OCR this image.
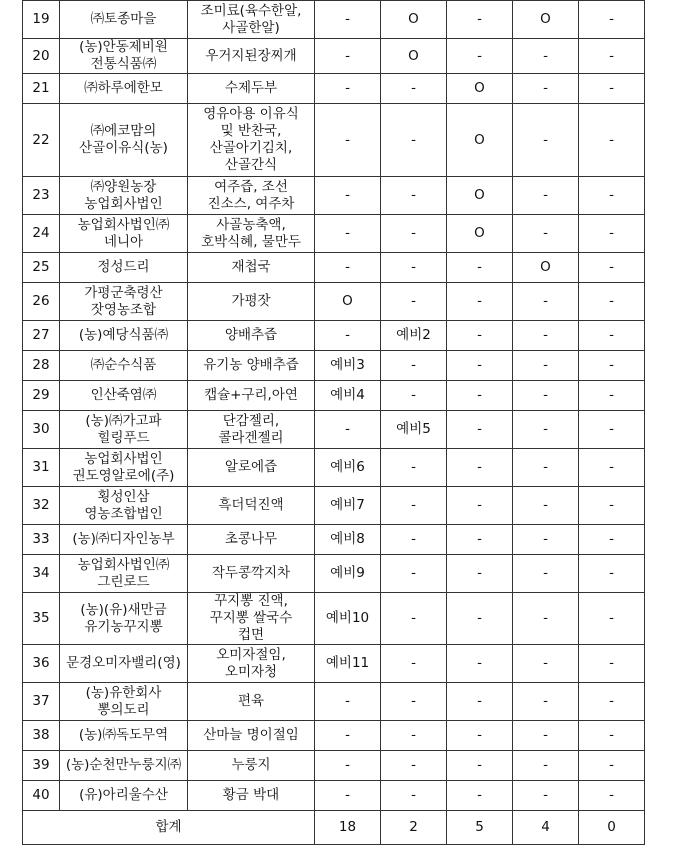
19	㈜토종마을	조미료(육수한알,
사골한알)	-	O	-	O	-
20	(농)안동제비원
전통식품㈜	우거지된장찌개	-	O	-	-	-
21	㈜하루에한모	수제두부	-	-	O	-	-
22	㈜에코맘의
산골이유식(농)	영유아용 이유식
및 반찬국,
산골아기김치,
산골간식	-	-	O	-	-
23	㈜양원농장
농업회사법인	여주즙, 조선
진소스, 여주차	-	-	O	-	-
24	농업회사법인㈜
네니아	사골농축액,
호박식혜, 물만두	-	-	O	-	-
25	정성드리	재첩국	-	-	-	O	-
26	가평군축령산
잣영농조합	가평잣	O	-	-	-	-
27	(농)예당식품㈜	양배추즙	-	예비2	-	-	-
28	㈜순수식품	유기농 양배추즙	예비3	-	-	-	-
29	인산죽염㈜	캡슐+구리,아연	예비4	-	-	-	-
30	(농)㈜가고파
힐링푸드	단감젤리,
콜라겐젤리	-	예비5	-	-	-
31	농업회사법인
권도영알로에(주)	알로에즙	예비6	-	-	-	-
32	횡성인삼
영농조합법인	흑더덕진액	예비7	-	-	-	-
33	(농)㈜디자인농부	초콩나무	예비8	-	-	-	-
34	농업회사법인㈜
그린로드	작두콩깍지차	예비9	-	-	-	-
35	(농)(유)새만금
유기농꾸지뽕	꾸지뽕 진액,
꾸지뽕 쌀국수
컵면	예비10	-	-	-	-
36	문경오미자밸리(영)	오미자절임,
오미자청	예비11	-	-	-	-
37	(농)유한회사
뽕의도리	편육	-	-	-	-	-
38	(농)㈜독도무역	산마늘 명이절임	-	-	-	-	-
39	(농)순천만누룽지㈜	누룽지	-	-	-	-	-
40	(유)아리울수산	황금 박대	-	-	-	-	-
합계			18	2	5	4	0
